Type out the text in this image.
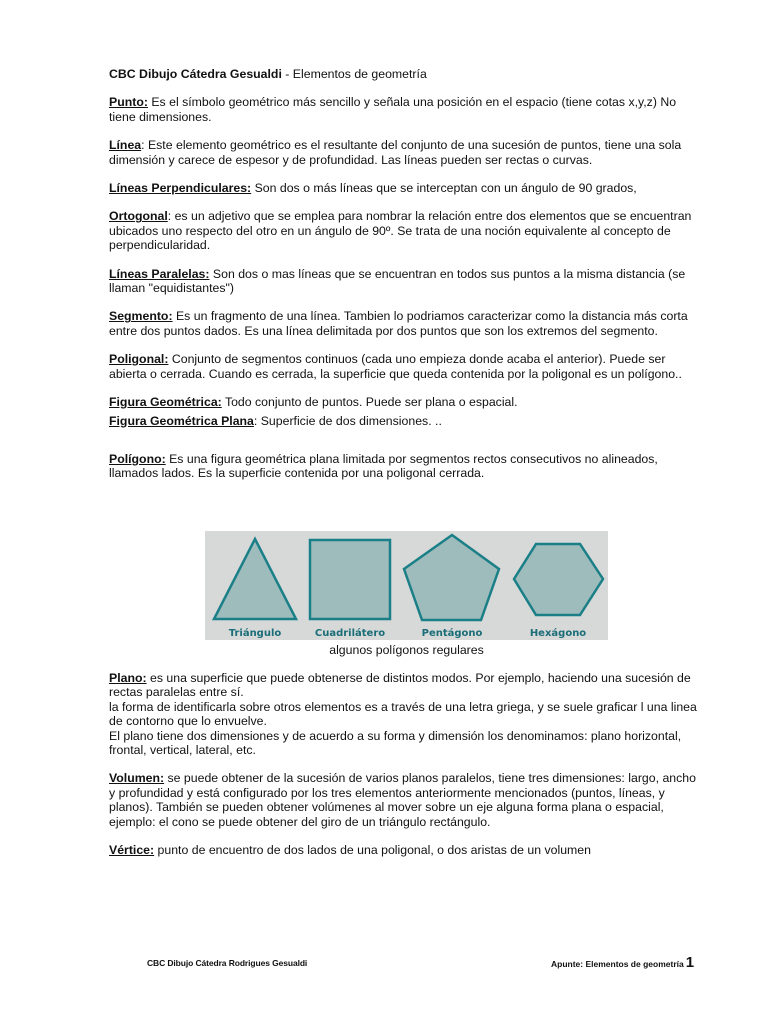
CBC Dibujo Cátedra Gesualdi - Elementos de geometría
Punto: Es el símbolo geométrico más sencillo y señala una posición en el espacio (tiene cotas x,y,z) No tiene dimensiones.
Línea: Este elemento geométrico es el resultante del conjunto de una sucesión de puntos, tiene una sola dimensión y carece de espesor y de profundidad. Las líneas pueden ser rectas o curvas.
Líneas Perpendiculares: Son dos o más líneas que se interceptan con un ángulo de 90 grados,
Ortogonal: es un adjetivo que se emplea para nombrar la relación entre dos elementos que se encuentran ubicados uno respecto del otro en un ángulo de 90º. Se trata de una noción equivalente al concepto de perpendicularidad.
Líneas Paralelas: Son dos o mas líneas que se encuentran en todos sus puntos a la misma distancia (se llaman "equidistantes")
Segmento: Es un fragmento de una línea. Tambien lo podriamos caracterizar como la distancia más corta entre dos puntos dados. Es una línea delimitada por dos puntos que son los extremos del segmento.
Poligonal: Conjunto de segmentos continuos (cada uno empieza donde acaba el anterior). Puede ser abierta o cerrada. Cuando es cerrada, la superficie que queda contenida por la poligonal es un polígono..
Figura Geométrica: Todo conjunto de puntos. Puede ser plana o espacial.
Figura Geométrica Plana: Superficie de dos dimensiones. ..
Polígono: Es una figura geométrica plana limitada por segmentos rectos consecutivos no alineados, llamados lados. Es la superficie contenida por una poligonal cerrada.
Triángulo	Cuadrilátero	Pentágono	Hexágono
algunos polígonos regulares
Plano: es una superficie que puede obtenerse de distintos modos. Por ejemplo, haciendo una sucesión de rectas paralelas entre sí.
la forma de identificarla sobre otros elementos es a través de una letra griega, y se suele graficar l una linea de contorno que lo envuelve.
El plano tiene dos dimensiones y de acuerdo a su forma y dimensión los denominamos: plano horizontal, frontal, vertical, lateral, etc.
Volumen: se puede obtener de la sucesión de varios planos paralelos, tiene tres dimensiones: largo, ancho y profundidad y está configurado por los tres elementos anteriormente mencionados (puntos, líneas, y planos). También se pueden obtener volúmenes al mover sobre un eje alguna forma plana o espacial, ejemplo: el cono se puede obtener del giro de un triángulo rectángulo.
Vértice: punto de encuentro de dos lados de una poligonal, o dos aristas de un volumen
CBC Dibujo Cátedra Rodrigues Gesualdi	Apunte: Elementos de geometría 1
